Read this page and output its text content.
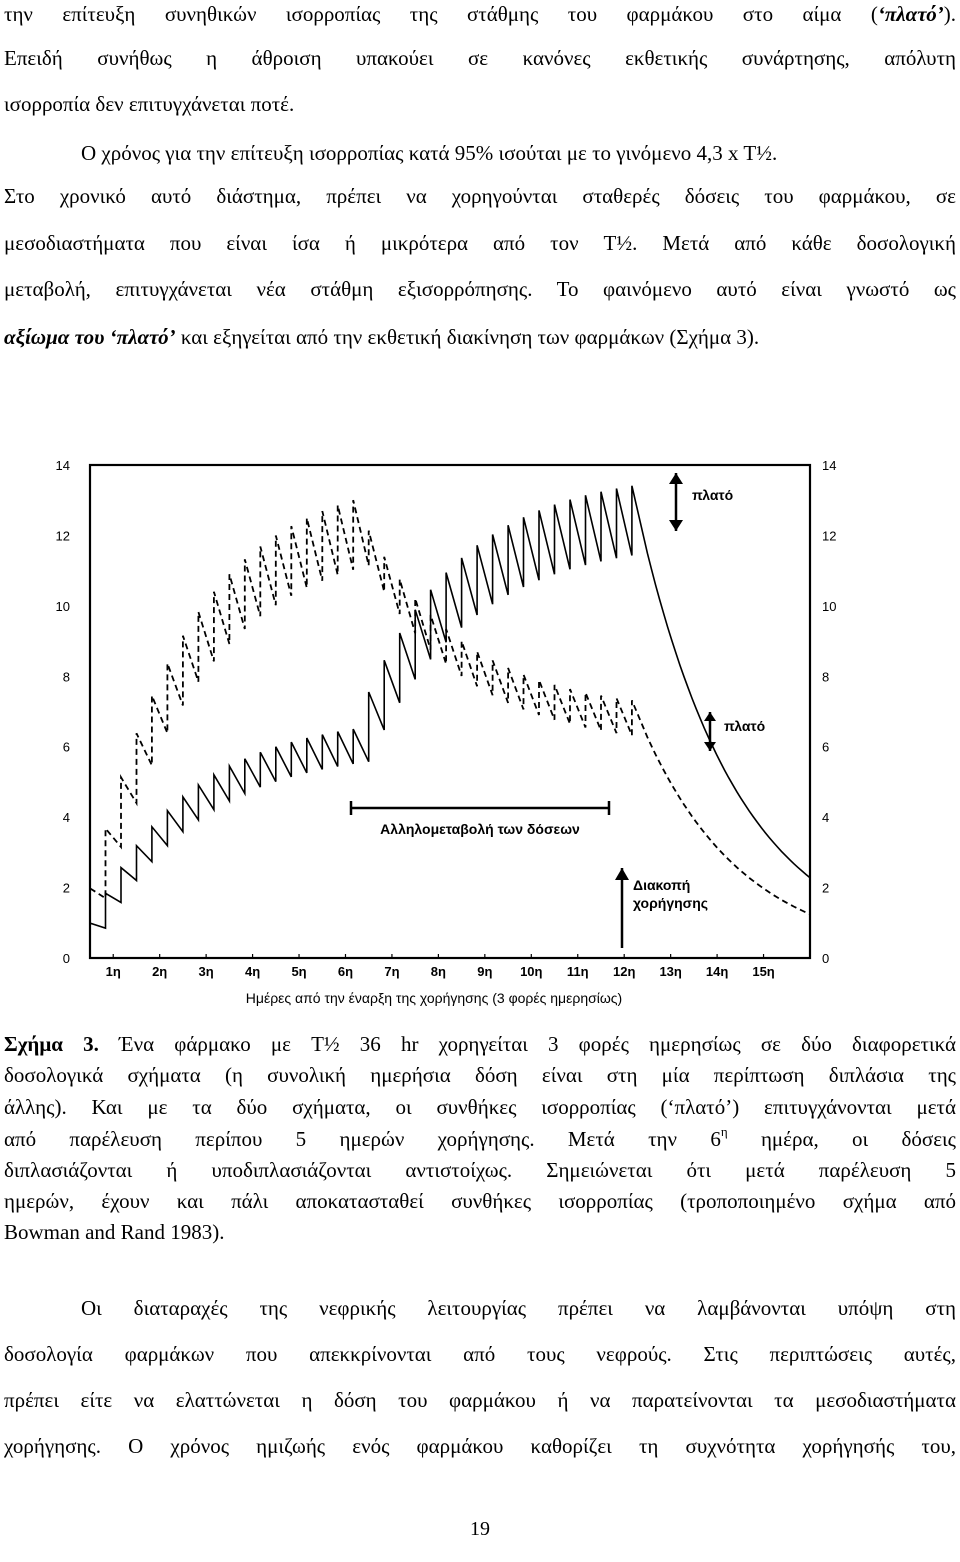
την επίτευξη συνηθικών ισορροπίας της στάθμης του φαρμάκου στο αίμα (‘πλατό’).
Επειδή συνήθως η άθροιση υπακούει σε κανόνες εκθετικής συνάρτησης, απόλυτη
ισορροπία δεν επιτυγχάνεται ποτέ.
Ο χρόνος για την επίτευξη ισορροπίας κατά 95% ισούται με το γινόμενο 4,3 x T½.
Στο χρονικό αυτό διάστημα, πρέπει να χορηγούνται σταθερές δόσεις του φαρμάκου, σε
μεσοδιαστήματα που είναι ίσα ή μικρότερα από τον T½. Μετά από κάθε δοσολογική
μεταβολή, επιτυγχάνεται νέα στάθμη εξισορρόπησης. Το φαινόμενο αυτό είναι γνωστό ως
αξίωμα του ‘πλατό’ και εξηγείται από την εκθετική διακίνηση των φαρμάκων (Σχήμα 3).
14
12
10
8
6
4
2
0
14
12
10
8
6
4
2
0
1η 2η 3η 4η 5η 6η 7η 8η 9η 10η 11η 12η 13η 14η 15η
πλατό
πλατό
Αλληλομεταβολή των δόσεων
Διακοπή
χορήγησης
Ημέρες από την έναρξη της χορήγησης (3 φορές ημερησίως)
Σχήμα 3. Ένα φάρμακο με T½ 36 hr χορηγείται 3 φορές ημερησίως σε δύο διαφορετικά
δοσολογικά σχήματα (η συνολική ημερήσια δόση είναι στη μία περίπτωση διπλάσια της
άλλης). Και με τα δύο σχήματα, οι συνθήκες ισορροπίας (‘πλατό’) επιτυγχάνονται μετά
από παρέλευση περίπου 5 ημερών χορήγησης. Μετά την $6^\eta$ ημέρα, οι δόσεις
διπλασιάζονται ή υποδιπλασιάζονται αντιστοίχως. Σημειώνεται ότι μετά παρέλευση 5
ημερών, έχουν και πάλι αποκατασταθεί συνθήκες ισορροπίας (τροποποιημένο σχήμα από
Bowman and Rand 1983).
Οι διαταραχές της νεφρικής λειτουργίας πρέπει να λαμβάνονται υπόψη στη
δοσολογία φαρμάκων που απεκκρίνονται από τους νεφρούς. Στις περιπτώσεις αυτές,
πρέπει είτε να ελαττώνεται η δόση του φαρμάκου ή να παρατείνονται τα μεσοδιαστήματα
χορήγησης. Ο χρόνος ημιζωής ενός φαρμάκου καθορίζει τη συχνότητα χορήγησής του,
19
